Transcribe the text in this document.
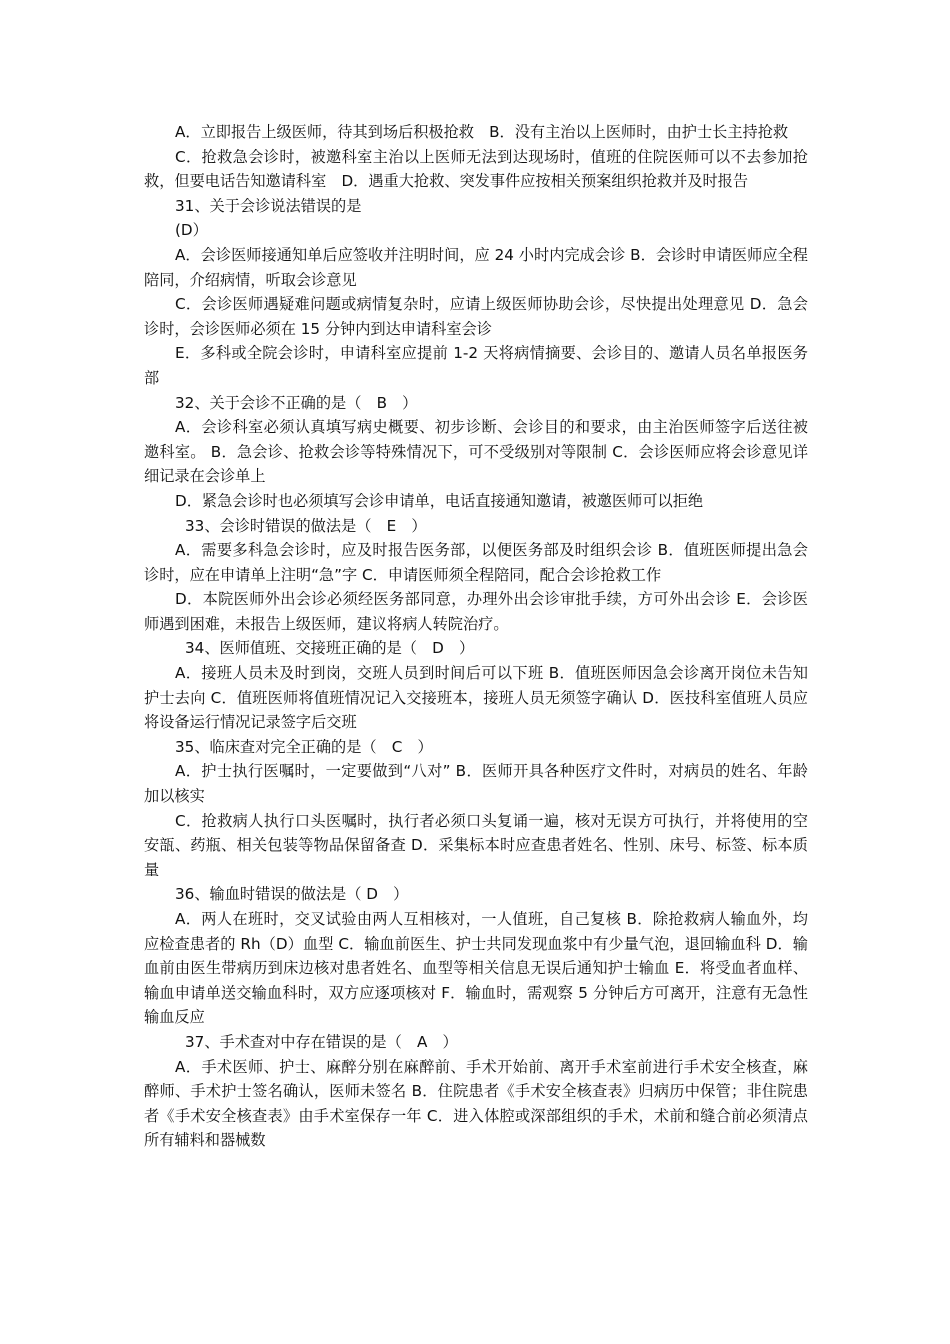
A．立即报告上级医师，待其到场后积极抢救　B．没有主治以上医师时，由护士长主持抢救

C．抢救急会诊时，被邀科室主治以上医师无法到达现场时，值班的住院医师可以不去参加抢救，但要电话告知邀请科室　D．遇重大抢救、突发事件应按相关预案组织抢救并及时报告

31、关于会诊说法错误的是

(D）

A．会诊医师接通知单后应签收并注明时间，应 24 小时内完成会诊 B．会诊时申请医师应全程陪同，介绍病情，听取会诊意见

C．会诊医师遇疑难问题或病情复杂时，应请上级医师协助会诊，尽快提出处理意见 D．急会诊时，会诊医师必须在 15 分钟内到达申请科室会诊

E．多科或全院会诊时，申请科室应提前 1-2 天将病情摘要、会诊目的、邀请人员名单报医务部

32、关于会诊不正确的是（　B　）

A．会诊科室必须认真填写病史概要、初步诊断、会诊目的和要求，由主治医师签字后送往被邀科室。 B．急会诊、抢救会诊等特殊情况下，可不受级别对等限制 C．会诊医师应将会诊意见详细记录在会诊单上

D．紧急会诊时也必须填写会诊申请单，电话直接通知邀请，被邀医师可以拒绝

33、会诊时错误的做法是（　E　）

A．需要多科急会诊时，应及时报告医务部，以便医务部及时组织会诊 B．值班医师提出急会诊时，应在申请单上注明“急”字 C．申请医师须全程陪同，配合会诊抢救工作

D．本院医师外出会诊必须经医务部同意，办理外出会诊审批手续，方可外出会诊 E．会诊医师遇到困难，未报告上级医师，建议将病人转院治疗。

34、医师值班、交接班正确的是（　D　）

A．接班人员未及时到岗，交班人员到时间后可以下班 B．值班医师因急会诊离开岗位未告知护士去向 C．值班医师将值班情况记入交接班本，接班人员无须签字确认 D．医技科室值班人员应将设备运行情况记录签字后交班

35、临床查对完全正确的是（　C　）

A．护士执行医嘱时，一定要做到“八对” B．医师开具各种医疗文件时，对病员的姓名、年龄加以核实

C．抢救病人执行口头医嘱时，执行者必须口头复诵一遍，核对无误方可执行，并将使用的空安瓿、药瓶、相关包装等物品保留备查 D．采集标本时应查患者姓名、性别、床号、标签、标本质量

36、输血时错误的做法是（ D　）

A．两人在班时，交叉试验由两人互相核对，一人值班，自己复核 B．除抢救病人输血外，均应检查患者的 Rh（D）血型 C．输血前医生、护士共同发现血浆中有少量气泡，退回输血科 D．输血前由医生带病历到床边核对患者姓名、血型等相关信息无误后通知护士输血 E．将受血者血样、输血申请单送交输血科时，双方应逐项核对 F．输血时，需观察 5 分钟后方可离开，注意有无急性输血反应

37、手术查对中存在错误的是（　A　）

A．手术医师、护士、麻醉分别在麻醉前、手术开始前、离开手术室前进行手术安全核查，麻醉师、手术护士签名确认，医师未签名 B．住院患者《手术安全核查表》归病历中保管；非住院患者《手术安全核查表》由手术室保存一年 C．进入体腔或深部组织的手术，术前和缝合前必须清点所有辅料和器械数
